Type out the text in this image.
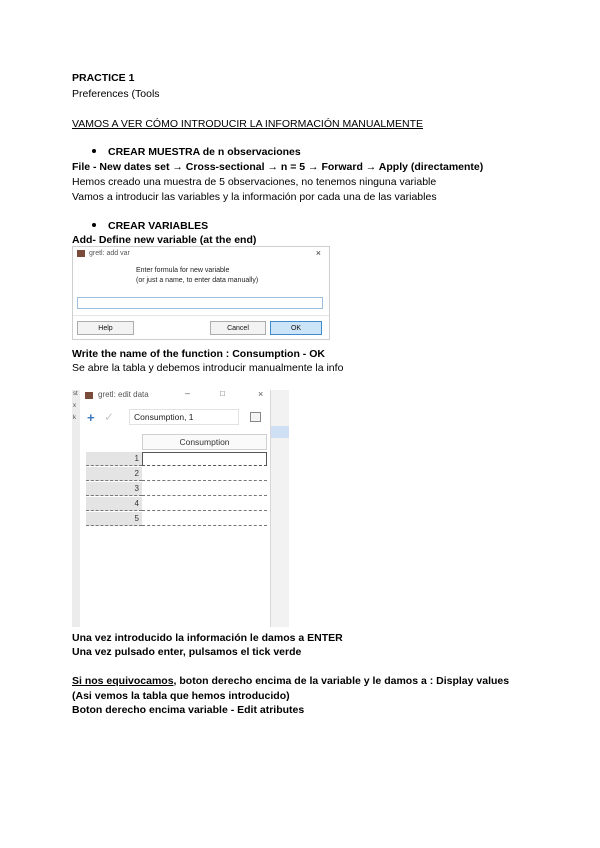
PRACTICE 1
Preferences (Tools
VAMOS A VER CÓMO INTRODUCIR LA INFORMACIÓN MANUALMENTE
CREAR MUESTRA de n observaciones
File - New dates set → Cross-sectional → n = 5 → Forward → Apply (directamente)
Hemos creado una muestra de 5 observaciones, no tenemos ninguna variable
Vamos a introducir las variables y la información por cada una de las variables
CREAR VARIABLES
Add- Define new variable (at the end)
gretl: add var	×
Enter formula for new variable
(or just a name, to enter data manually)
Help	Cancel	OK
Write the name of the function : Consumption - OK
Se abre la tabla y debemos introducir manualmente la info
st
x
k
gretl: edit data	–	□	×
+ ✓	Consumption, 1
Consumption
1
2
3
4
5
Una vez introducido la información le damos a ENTER
Una vez pulsado enter, pulsamos el tick verde
Si nos equivocamos, boton derecho encima de la variable y le damos a : Display values (Asi vemos la tabla que hemos introducido)
Boton derecho encima variable - Edit atributes
